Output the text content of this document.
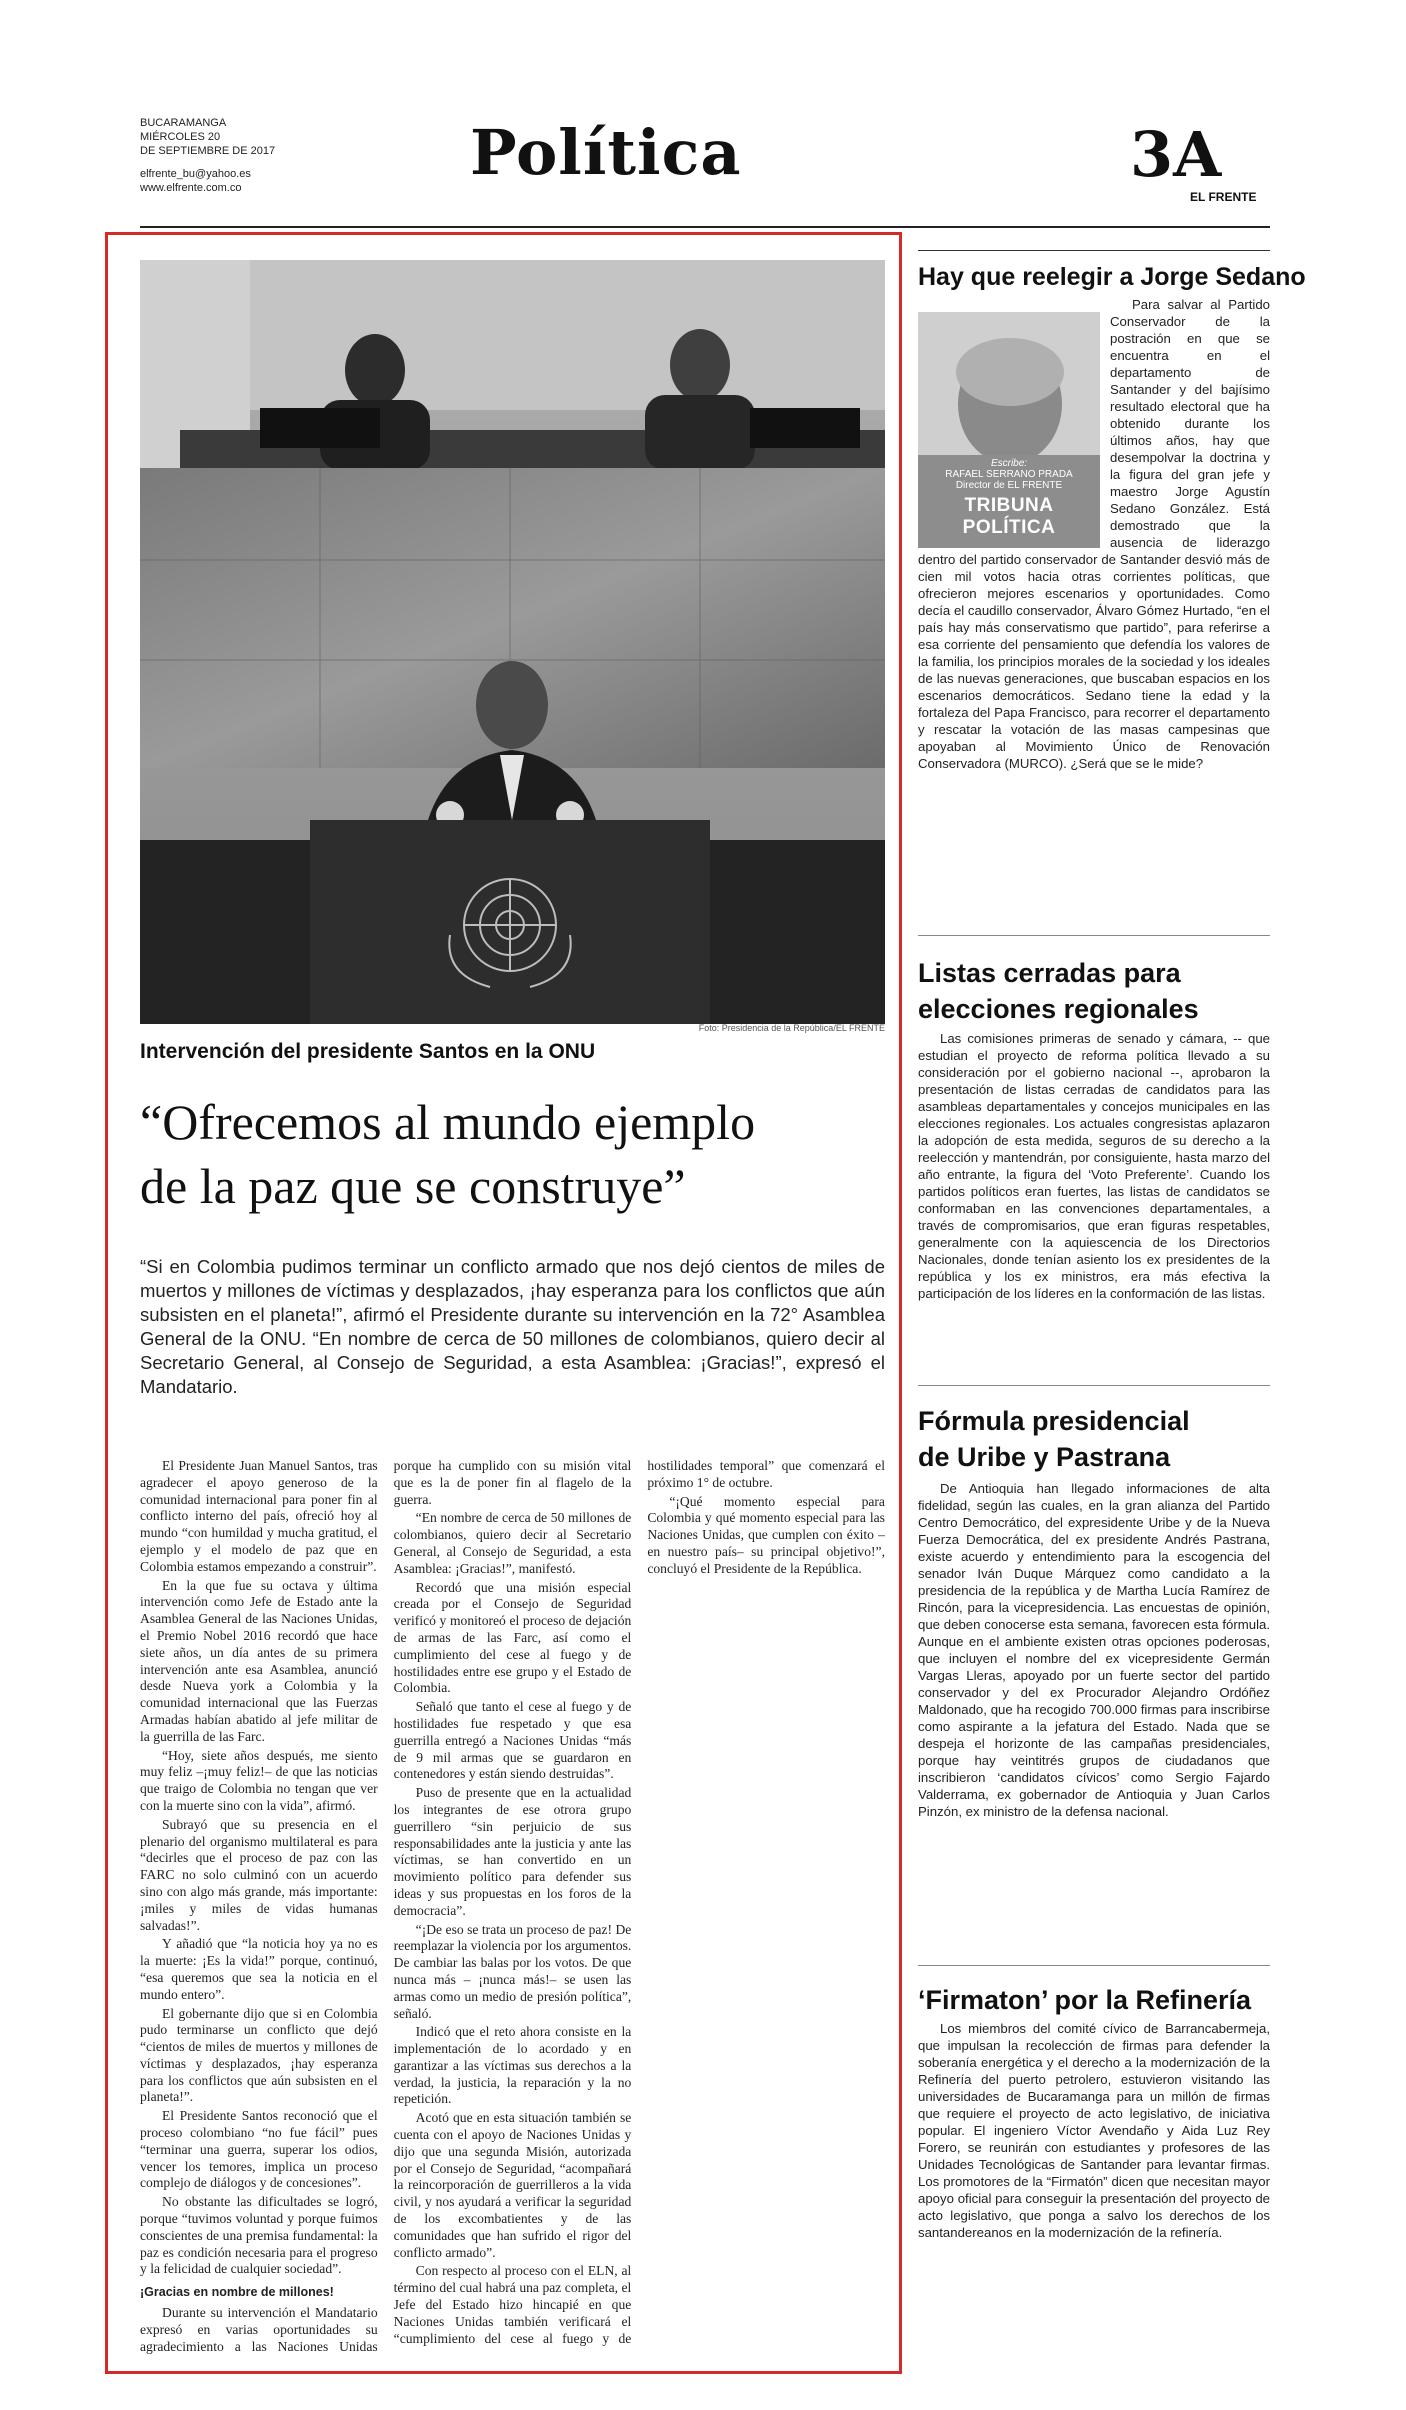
BUCARAMANGA
MIÉRCOLES 20
DE SEPTIEMBRE DE 2017
elfrente_bu@yahoo.es
www.elfrente.com.co	Política	3A
EL FRENTE
Foto: Presidencia de la República/EL FRENTE
Intervención del presidente Santos en la ONU
“Ofrecemos al mundo ejemplo
de la paz que se construye”
“Si en Colombia pudimos terminar un conflicto armado que nos dejó cientos de miles de muertos y millones de víctimas y desplazados, ¡hay esperanza para los conflictos que aún subsisten en el planeta!”, afirmó el Presidente durante su intervención en la 72° Asamblea General de la ONU. “En nombre de cerca de 50 millones de colombianos, quiero decir al Secretario General, al Consejo de Seguridad, a esta Asamblea: ¡Gracias!”, expresó el Mandatario.

El Presidente Juan Manuel Santos, tras agradecer el apoyo generoso de la comunidad internacional para poner fin al conflicto interno del país, ofreció hoy al mundo “con humildad y mucha gratitud, el ejemplo y el modelo de paz que en Colombia estamos empezando a construir”.

En la que fue su octava y última intervención como Jefe de Estado ante la Asamblea General de las Naciones Unidas, el Premio Nobel 2016 recordó que hace siete años, un día antes de su primera intervención ante esa Asamblea, anunció desde Nueva york a Colombia y la comunidad internacional que las Fuerzas Armadas habían abatido al jefe militar de la guerrilla de las Farc.

“Hoy, siete años después, me siento muy feliz –¡muy feliz!– de que las noticias que traigo de Colombia no tengan que ver con la muerte sino con la vida”, afirmó.

Subrayó que su presencia en el plenario del organismo multilateral es para “decirles que el proceso de paz con las FARC no solo culminó con un acuerdo sino con algo más grande, más importante: ¡miles y miles de vidas humanas salvadas!”.

Y añadió que “la noticia hoy ya no es la muerte: ¡Es la vida!” porque, continuó, “esa queremos que sea la noticia en el mundo entero”.

El gobernante dijo que si en Colombia pudo terminarse un conflicto que dejó “cientos de miles de muertos y millones de víctimas y desplazados, ¡hay esperanza para los conflictos que aún subsisten en el planeta!”.

El Presidente Santos reconoció que el proceso colombiano “no fue fácil” pues “terminar una guerra, superar los odios, vencer los temores, implica un proceso complejo de diálogos y de concesiones”.

No obstante las dificultades se logró, porque “tuvimos voluntad y porque fuimos conscientes de una premisa fundamental: la paz es condición necesaria para el progreso y la felicidad de cualquier sociedad”.

¡Gracias en nombre de millones!

Durante su intervención el Mandatario expresó en varias oportunidades su agradecimiento a las Naciones Unidas porque ha cumplido con su misión vital que es la de poner fin al flagelo de la guerra.

“En nombre de cerca de 50 millones de colombianos, quiero decir al Secretario General, al Consejo de Seguridad, a esta Asamblea: ¡Gracias!”, manifestó.

Recordó que una misión especial creada por el Consejo de Seguridad verificó y monitoreó el proceso de dejación de armas de las Farc, así como el cumplimiento del cese al fuego y de hostilidades entre ese grupo y el Estado de Colombia.

Señaló que tanto el cese al fuego y de hostilidades fue respetado y que esa guerrilla entregó a Naciones Unidas “más de 9 mil armas que se guardaron en contenedores y están siendo destruidas”.

Puso de presente que en la actualidad los integrantes de ese otrora grupo guerrillero “sin perjuicio de sus responsabilidades ante la justicia y ante las víctimas, se han convertido en un movimiento político para defender sus ideas y sus propuestas en los foros de la democracia”.

“¡De eso se trata un proceso de paz! De reemplazar la violencia por los argumentos. De cambiar las balas por los votos. De que nunca más – ¡nunca más!– se usen las armas como un medio de presión política”, señaló.

Indicó que el reto ahora consiste en la implementación de lo acordado y en garantizar a las víctimas sus derechos a la verdad, la justicia, la reparación y la no repetición.

Acotó que en esta situación también se cuenta con el apoyo de Naciones Unidas y dijo que una segunda Misión, autorizada por el Consejo de Seguridad, “acompañará la reincorporación de guerrilleros a la vida civil, y nos ayudará a verificar la seguridad de los excombatientes y de las comunidades que han sufrido el rigor del conflicto armado”.

Con respecto al proceso con el ELN, al término del cual habrá una paz completa, el Jefe del Estado hizo hincapié en que Naciones Unidas también verificará el “cumplimiento del cese al fuego y de hostilidades temporal” que comenzará el próximo 1° de octubre.

“¡Qué momento especial para Colombia y qué momento especial para las Naciones Unidas, que cumplen con éxito –en nuestro país– su principal objetivo!”, concluyó el Presidente de la República.

Hay que reelegir a Jorge Sedano
Escribe:
RAFAEL SERRANO PRADA
Director de EL FRENTE
TRIBUNA POLÍTICA

Para salvar al Partido Conservador de la postración en que se encuentra en el departamento de Santander y del bajísimo resultado electoral que ha obtenido durante los últimos años, hay que desempolvar la doctrina y la figura del gran jefe y maestro Jorge Agustín Sedano González. Está demostrado que la ausencia de liderazgo dentro del partido conservador de Santander desvió más de cien mil votos hacia otras corrientes políticas, que ofrecieron mejores escenarios y oportunidades. Como decía el caudillo conservador, Álvaro Gómez Hurtado, “en el país hay más conservatismo que partido”, para referirse a esa corriente del pensamiento que defendía los valores de la familia, los principios morales de la sociedad y los ideales de las nuevas generaciones, que buscaban espacios en los escenarios democráticos. Sedano tiene la edad y la fortaleza del Papa Francisco, para recorrer el departamento y rescatar la votación de las masas campesinas que apoyaban al Movimiento Único de Renovación Conservadora (MURCO). ¿Será que se le mide?

Listas cerradas para
elecciones regionales

Las comisiones primeras de senado y cámara, -- que estudian el proyecto de reforma política llevado a su consideración por el gobierno nacional --, aprobaron la presentación de listas cerradas de candidatos para las asambleas departamentales y concejos municipales en las elecciones regionales. Los actuales congresistas aplazaron la adopción de esta medida, seguros de su derecho a la reelección y mantendrán, por consiguiente, hasta marzo del año entrante, la figura del ‘Voto Preferente’. Cuando los partidos políticos eran fuertes, las listas de candidatos se conformaban en las convenciones departamentales, a través de compromisarios, que eran figuras respetables, generalmente con la aquiescencia de los Directorios Nacionales, donde tenían asiento los ex presidentes de la república y los ex ministros, era más efectiva la participación de los líderes en la conformación de las listas.

Fórmula presidencial
de Uribe y Pastrana

De Antioquia han llegado informaciones de alta fidelidad, según las cuales, en la gran alianza del Partido Centro Democrático, del expresidente Uribe y de la Nueva Fuerza Democrática, del ex presidente Andrés Pastrana, existe acuerdo y entendimiento para la escogencia del senador Iván Duque Márquez como candidato a la presidencia de la república y de Martha Lucía Ramírez de Rincón, para la vicepresidencia. Las encuestas de opinión, que deben conocerse esta semana, favorecen esta fórmula. Aunque en el ambiente existen otras opciones poderosas, que incluyen el nombre del ex vicepresidente Germán Vargas Lleras, apoyado por un fuerte sector del partido conservador y del ex Procurador Alejandro Ordóñez Maldonado, que ha recogido 700.000 firmas para inscribirse como aspirante a la jefatura del Estado. Nada que se despeja el horizonte de las campañas presidenciales, porque hay veintitrés grupos de ciudadanos que inscribieron ‘candidatos cívicos’ como Sergio Fajardo Valderrama, ex gobernador de Antioquia y Juan Carlos Pinzón, ex ministro de la defensa nacional.

‘Firmaton’ por la Refinería

Los miembros del comité cívico de Barrancabermeja, que impulsan la recolección de firmas para defender la soberanía energética y el derecho a la modernización de la Refinería del puerto petrolero, estuvieron visitando las universidades de Bucaramanga para un millón de firmas que requiere el proyecto de acto legislativo, de iniciativa popular. El ingeniero Víctor Avendaño y Aida Luz Rey Forero, se reunirán con estudiantes y profesores de las Unidades Tecnológicas de Santander para levantar firmas. Los promotores de la “Firmatón” dicen que necesitan mayor apoyo oficial para conseguir la presentación del proyecto de acto legislativo, que ponga a salvo los derechos de los santandereanos en la modernización de la refinería.
